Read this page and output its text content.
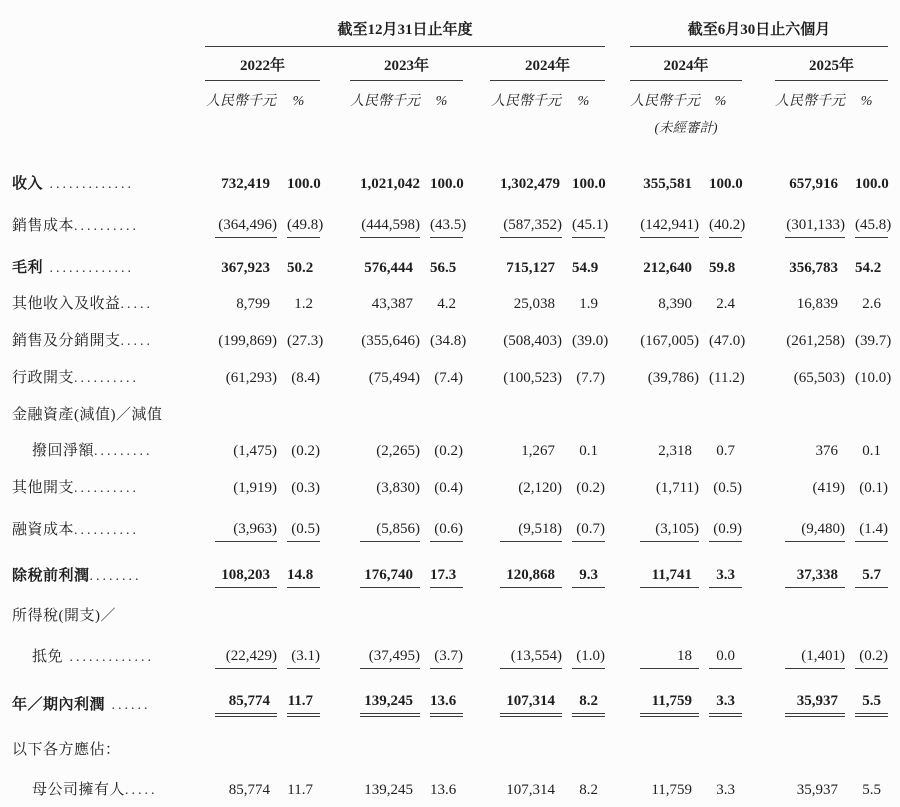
	截至12月31日止年度									截至6月30日止六個月				
	2022年			2023年			2024年			2024年			2025年	
	人民幣千元	%		人民幣千元	%		人民幣千元	%		人民幣千元	%		人民幣千元	%
										(未經審計)				
收入 .............	732,419	100.0		1,021,042	100.0		1,302,479	100.0		355,581	100.0		657,916	100.0

銷售成本..........	(364,496)	(49.8)		(444,598)	(43.5)		(587,352)	(45.1)		(142,941)	(40.2)		(301,133)	(45.8)

毛利 .............	367,923	50.2		576,444	56.5		715,127	54.9		212,640	59.8		356,783	54.2

其他收入及收益.....	8,799	1.2		43,387	4.2		25,038	1.9		8,390	2.4		16,839	2.6

銷售及分銷開支.....	(199,869)	(27.3)		(355,646)	(34.8)		(508,403)	(39.0)		(167,005)	(47.0)		(261,258)	(39.7)

行政開支..........	(61,293)	(8.4)		(75,494)	(7.4)		(100,523)	(7.7)		(39,786)	(11.2)		(65,503)	(10.0)

金融資產(減值)／減值														
撥回淨額.........	(1,475)	(0.2)		(2,265)	(0.2)		1,267	0.1		2,318	0.7		376	0.1

其他開支..........	(1,919)	(0.3)		(3,830)	(0.4)		(2,120)	(0.2)		(1,711)	(0.5)		(419)	(0.1)

融資成本..........	(3,963)	(0.5)		(5,856)	(0.6)		(9,518)	(0.7)		(3,105)	(0.9)		(9,480)	(1.4)

除稅前利潤........	108,203	14.8		176,740	17.3		120,868	9.3		11,741	3.3		37,338	5.7

所得稅(開支)／														
抵免 .............	(22,429)	(3.1)		(37,495)	(3.7)		(13,554)	(1.0)		18	0.0		(1,401)	(0.2)

年／期內利潤 ......	85,774	11.7		139,245	13.6		107,314	8.2		11,759	3.3		35,937	5.5

以下各方應佔：														
母公司擁有人.....	85,774	11.7		139,245	13.6		107,314	8.2		11,759	3.3		35,937	5.5
